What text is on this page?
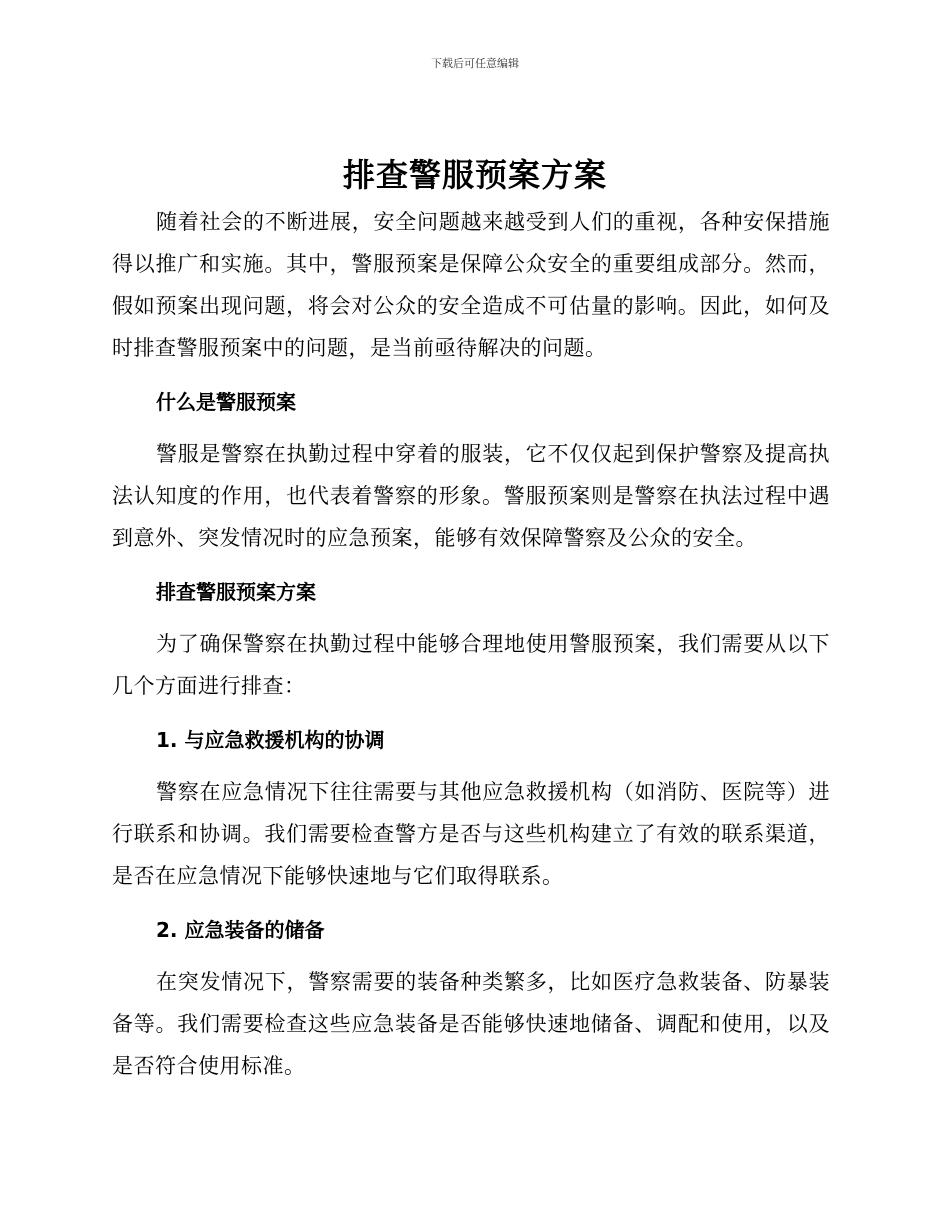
下载后可任意编辑
排查警服预案方案

随着社会的不断进展，安全问题越来越受到人们的重视，各种安保措施得以推广和实施。其中，警服预案是保障公众安全的重要组成部分。然而，假如预案出现问题，将会对公众的安全造成不可估量的影响。因此，如何及时排查警服预案中的问题，是当前亟待解决的问题。

什么是警服预案

警服是警察在执勤过程中穿着的服装，它不仅仅起到保护警察及提高执法认知度的作用，也代表着警察的形象。警服预案则是警察在执法过程中遇到意外、突发情况时的应急预案，能够有效保障警察及公众的安全。

排查警服预案方案

为了确保警察在执勤过程中能够合理地使用警服预案，我们需要从以下几个方面进行排查：

1. 与应急救援机构的协调

警察在应急情况下往往需要与其他应急救援机构（如消防、医院等）进行联系和协调。我们需要检查警方是否与这些机构建立了有效的联系渠道，是否在应急情况下能够快速地与它们取得联系。

2. 应急装备的储备

在突发情况下，警察需要的装备种类繁多，比如医疗急救装备、防暴装备等。我们需要检查这些应急装备是否能够快速地储备、调配和使用，以及是否符合使用标准。
